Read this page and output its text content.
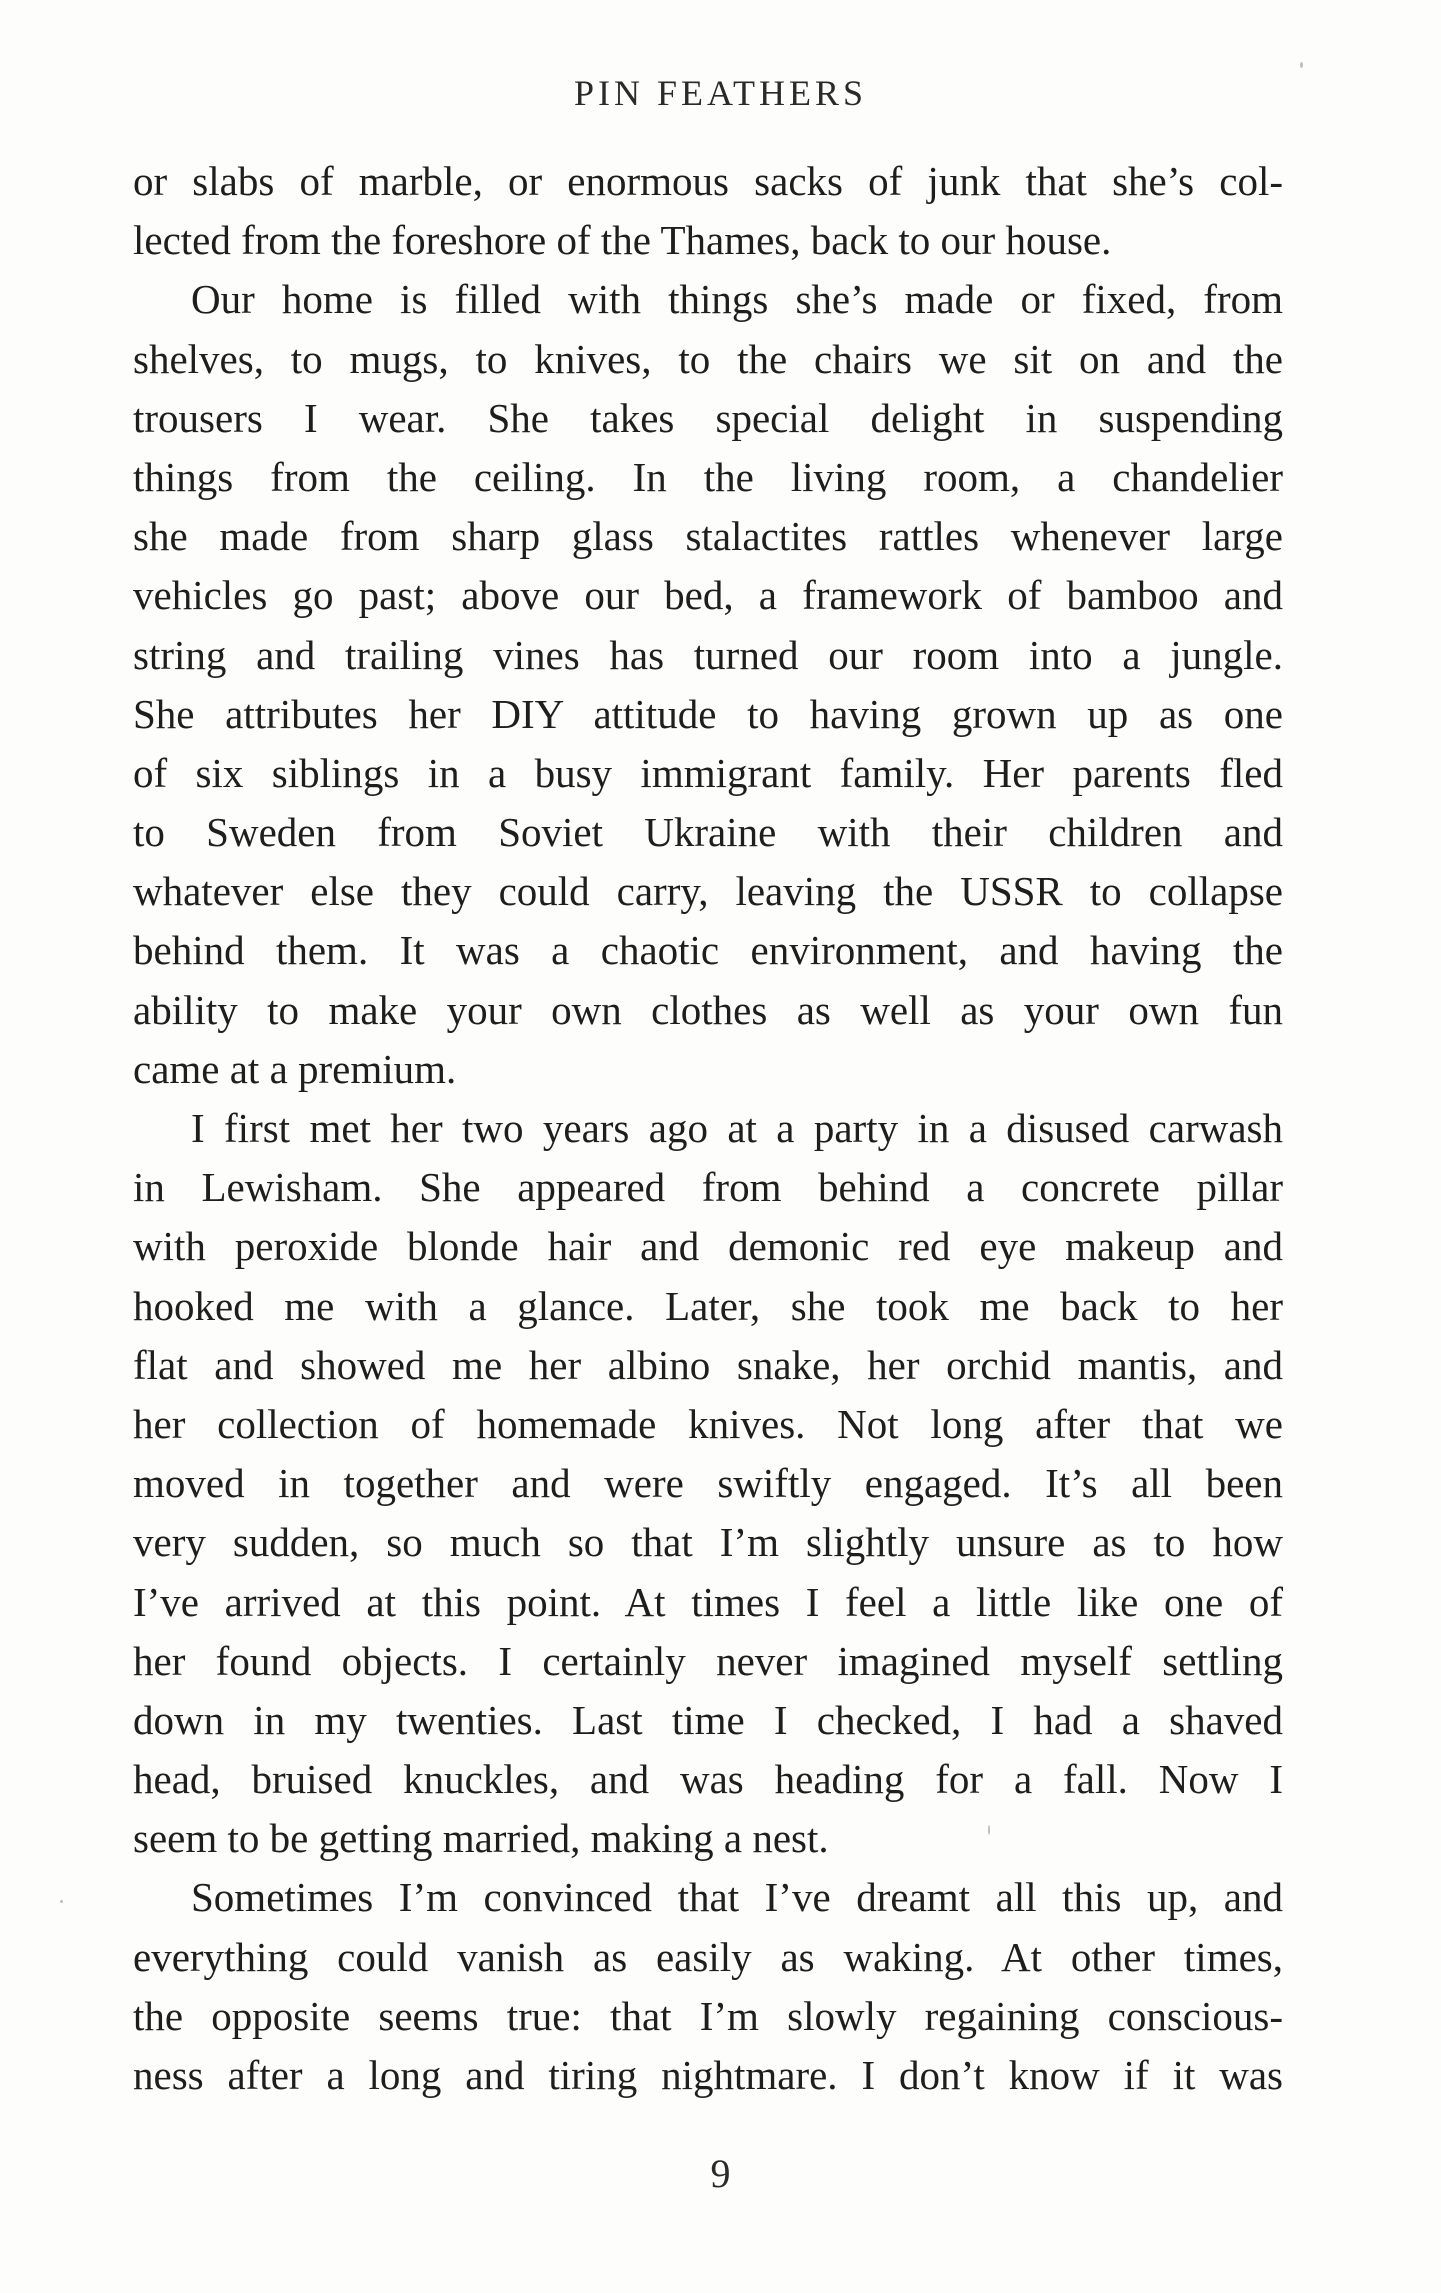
PIN FEATHERS
or slabs of marble, or enormous sacks of junk that she’s col-
lected from the foreshore of the Thames, back to our house.
Our home is filled with things she’s made or fixed, from
shelves, to mugs, to knives, to the chairs we sit on and the
trousers I wear. She takes special delight in suspending
things from the ceiling. In the living room, a chandelier
she made from sharp glass stalactites rattles whenever large
vehicles go past; above our bed, a framework of bamboo and
string and trailing vines has turned our room into a jungle.
She attributes her DIY attitude to having grown up as one
of six siblings in a busy immigrant family. Her parents fled
to Sweden from Soviet Ukraine with their children and
whatever else they could carry, leaving the USSR to collapse
behind them. It was a chaotic environment, and having the
ability to make your own clothes as well as your own fun
came at a premium.
I first met her two years ago at a party in a disused carwash
in Lewisham. She appeared from behind a concrete pillar
with peroxide blonde hair and demonic red eye makeup and
hooked me with a glance. Later, she took me back to her
flat and showed me her albino snake, her orchid mantis, and
her collection of homemade knives. Not long after that we
moved in together and were swiftly engaged. It’s all been
very sudden, so much so that I’m slightly unsure as to how
I’ve arrived at this point. At times I feel a little like one of
her found objects. I certainly never imagined myself settling
down in my twenties. Last time I checked, I had a shaved
head, bruised knuckles, and was heading for a fall. Now I
seem to be getting married, making a nest.
Sometimes I’m convinced that I’ve dreamt all this up, and
everything could vanish as easily as waking. At other times,
the opposite seems true: that I’m slowly regaining conscious-
ness after a long and tiring nightmare. I don’t know if it was
9
